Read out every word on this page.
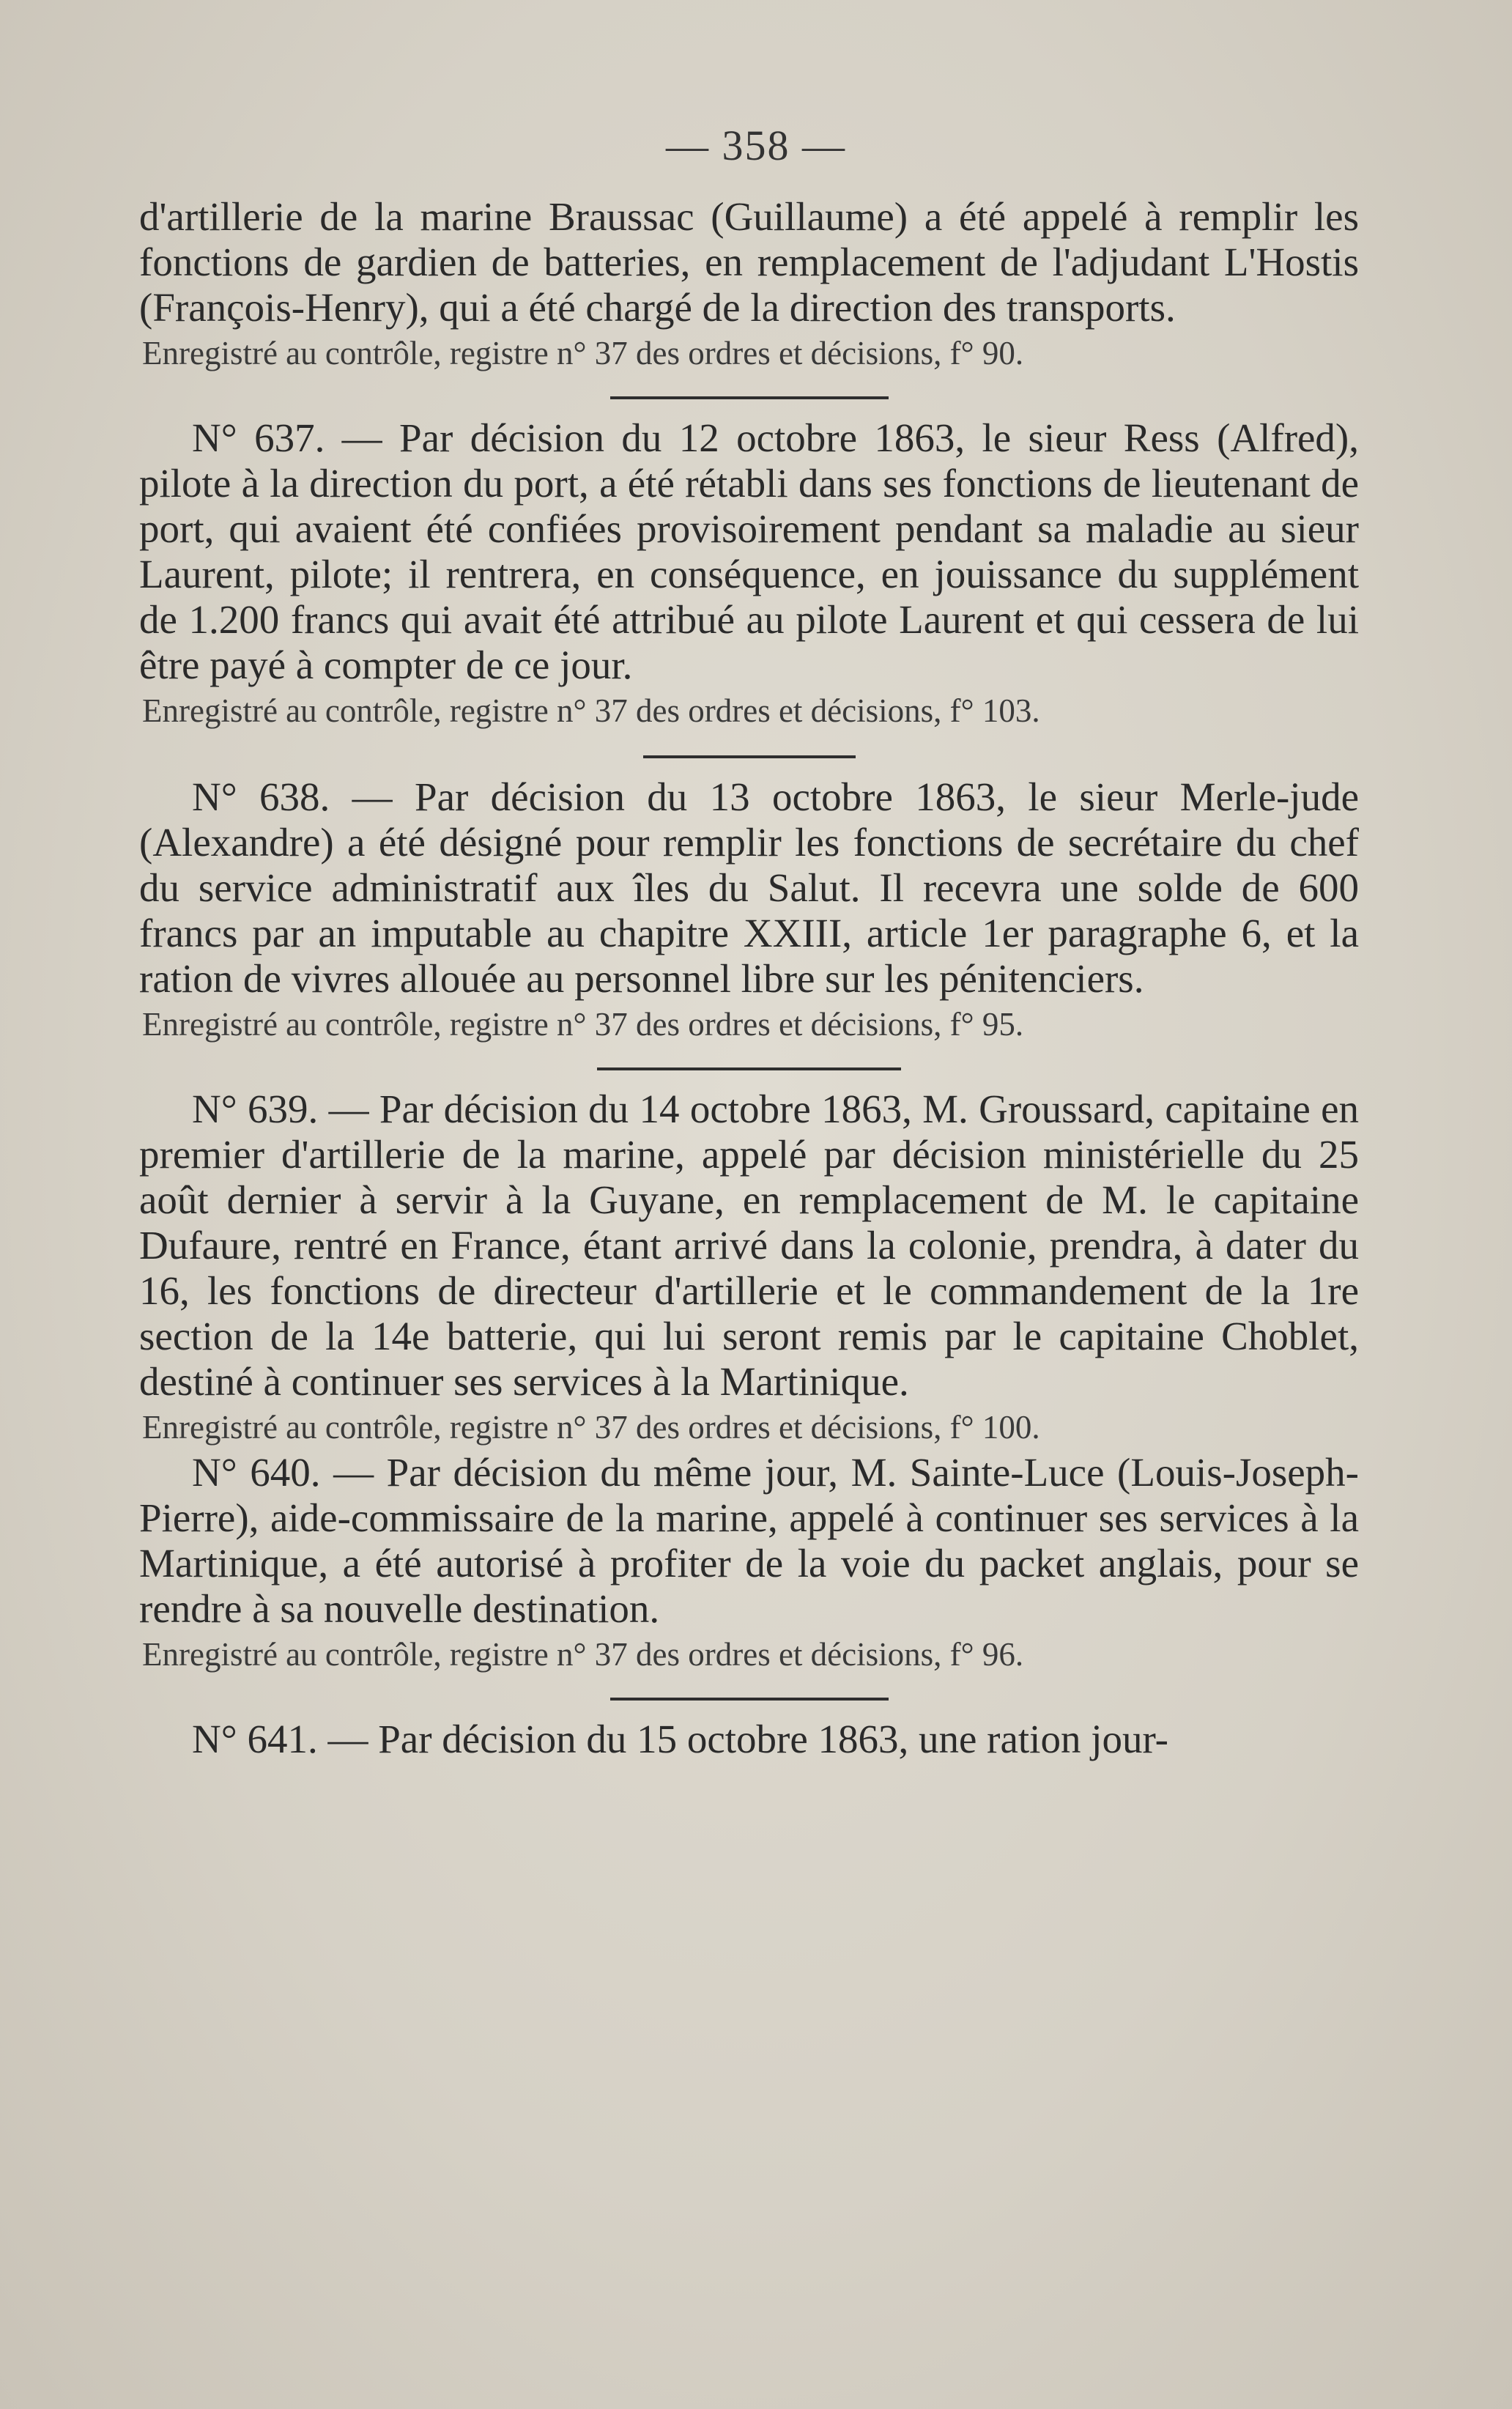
— 358 —

d'artillerie de la marine Braussac (Guillaume) a été appelé à remplir les fonctions de gardien de batteries, en remplacement de l'adjudant L'Hostis (François-Henry), qui a été chargé de la direction des transports.

Enregistré au contrôle, registre n° 37 des ordres et décisions, f° 90.

N° 637. — Par décision du 12 octobre 1863, le sieur Ress (Alfred), pilote à la direction du port, a été rétabli dans ses fonctions de lieutenant de port, qui avaient été confiées provisoirement pendant sa maladie au sieur Laurent, pilote; il rentrera, en conséquence, en jouissance du supplément de 1.200 francs qui avait été attribué au pilote Laurent et qui cessera de lui être payé à compter de ce jour.

Enregistré au contrôle, registre n° 37 des ordres et décisions, f° 103.

N° 638. — Par décision du 13 octobre 1863, le sieur Merle-jude (Alexandre) a été désigné pour remplir les fonctions de secrétaire du chef du service administratif aux îles du Salut. Il recevra une solde de 600 francs par an imputable au chapitre XXIII, article 1er paragraphe 6, et la ration de vivres allouée au personnel libre sur les pénitenciers.

Enregistré au contrôle, registre n° 37 des ordres et décisions, f° 95.

N° 639. — Par décision du 14 octobre 1863, M. Groussard, capitaine en premier d'artillerie de la marine, appelé par décision ministérielle du 25 août dernier à servir à la Guyane, en remplacement de M. le capitaine Dufaure, rentré en France, étant arrivé dans la colonie, prendra, à dater du 16, les fonctions de directeur d'artillerie et le commandement de la 1re section de la 14e batterie, qui lui seront remis par le capitaine Choblet, destiné à continuer ses services à la Martinique.

Enregistré au contrôle, registre n° 37 des ordres et décisions, f° 100.

N° 640. — Par décision du même jour, M. Sainte-Luce (Louis-Joseph-Pierre), aide-commissaire de la marine, appelé à continuer ses services à la Martinique, a été autorisé à profiter de la voie du packet anglais, pour se rendre à sa nouvelle destination.

Enregistré au contrôle, registre n° 37 des ordres et décisions, f° 96.

N° 641. — Par décision du 15 octobre 1863, une ration jour-
